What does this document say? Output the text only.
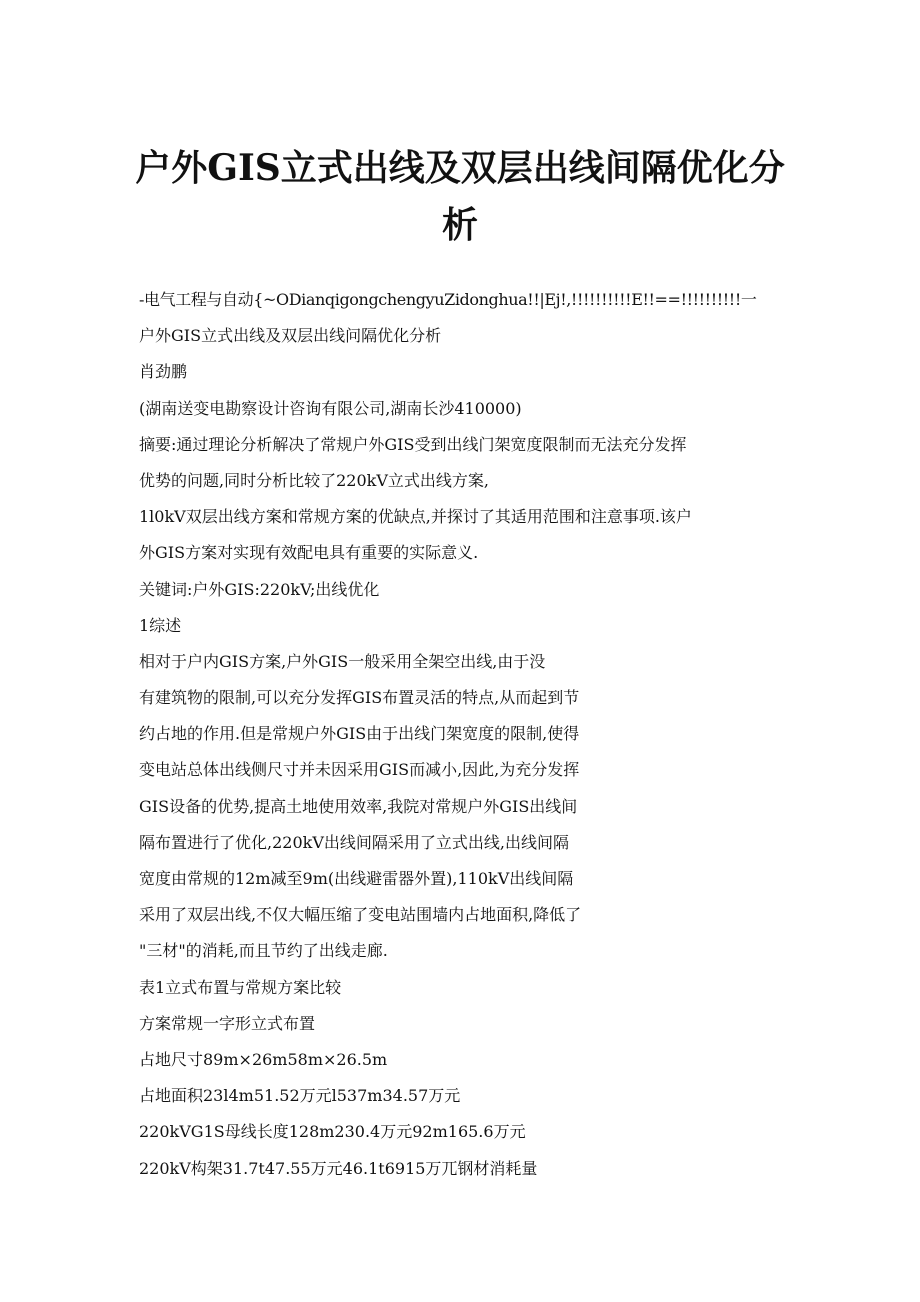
户外GIS立式出线及双层出线间隔优化分
析
-电气工程与自动{~ODianqigongchengyuZidonghua!!|Ej!,!!!!!!!!!!E!!==!!!!!!!!!!一
户外GIS立式出线及双层出线问隔优化分析
肖劲鹏
(湖南送变电勘察设计咨询有限公司,湖南长沙410000)
摘要:通过理论分析解决了常规户外GIS受到出线门架宽度限制而无法充分发挥
优势的问题,同时分析比较了220kV立式出线方案,
1l0kV双层出线方案和常规方案的优缺点,并探讨了其适用范围和注意事项.该户
外GIS方案对实现有效配电具有重要的实际意义.
关键词:户外GIS:220kV;出线优化
1综述
相对于户内GIS方案,户外GIS一般采用全架空出线,由于没
有建筑物的限制,可以充分发挥GIS布置灵活的特点,从而起到节
约占地的作用.但是常规户外GIS由于出线门架宽度的限制,使得
变电站总体出线侧尺寸并未因采用GIS而减小,因此,为充分发挥
GIS设备的优势,提高土地使用效率,我院对常规户外GIS出线间
隔布置进行了优化,220kV出线间隔采用了立式出线,出线间隔
宽度由常规的12m减至9m(出线避雷器外置),110kV出线间隔
采用了双层出线,不仅大幅压缩了变电站围墙内占地面积,降低了
"三材"的消耗,而且节约了出线走廊.
表1立式布置与常规方案比较
方案常规一字形立式布置
占地尺寸89m×26m58m×26.5m
占地面积23l4m51.52万元l537m34.57万元
220kVG1S母线长度128m230.4万元92m165.6万元
220kV构架31.7t47.55万元46.1t6915万兀钢材消耗量
